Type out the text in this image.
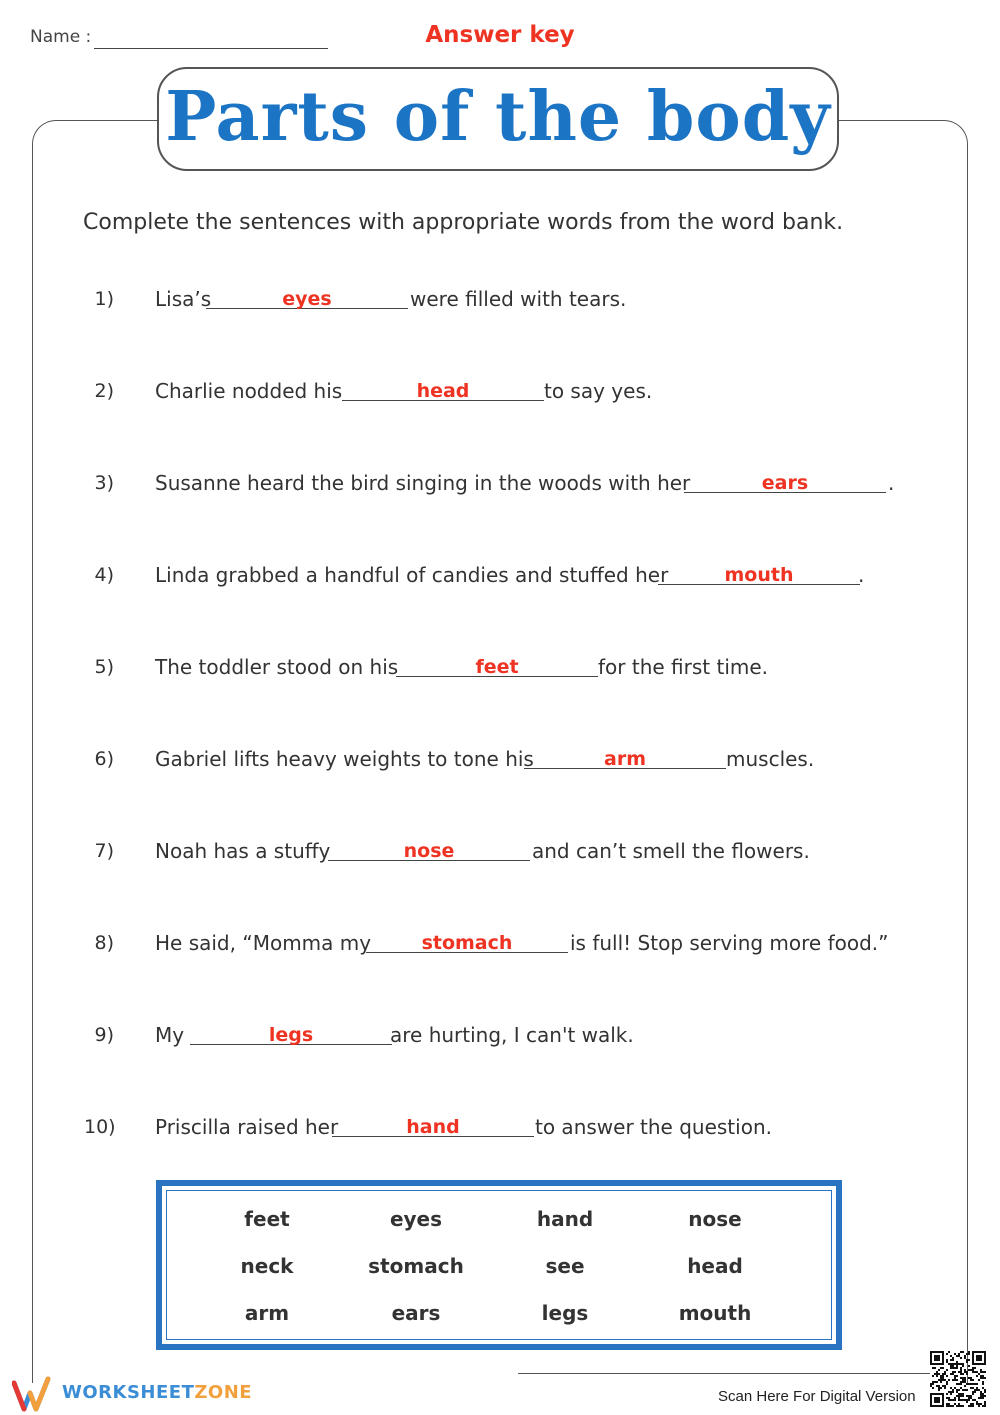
Name :	Answer key
Parts of the body
Complete the sentences with appropriate words from the word bank.
1) Lisa’s	eyes	were filled with tears.
2) Charlie nodded his	head	to say yes.
3) Susanne heard the bird singing in the woods with her	ears	.
4) Linda grabbed a handful of candies and stuffed her	mouth	.
5) The toddler stood on his	feet	for the first time.
6) Gabriel lifts heavy weights to tone his	arm	muscles.
7) Noah has a stuffy	nose	and can’t smell the flowers.
8) He said, “Momma my	stomach	is full! Stop serving more food.”
9) My	legs	are hurting, I can't walk.
10) Priscilla raised her	hand	to answer the question.
feet	eyes	hand	nose
neck	stomach	see	head
arm	ears	legs	mouth
WORKSHEETZONE	Scan Here For Digital Version
